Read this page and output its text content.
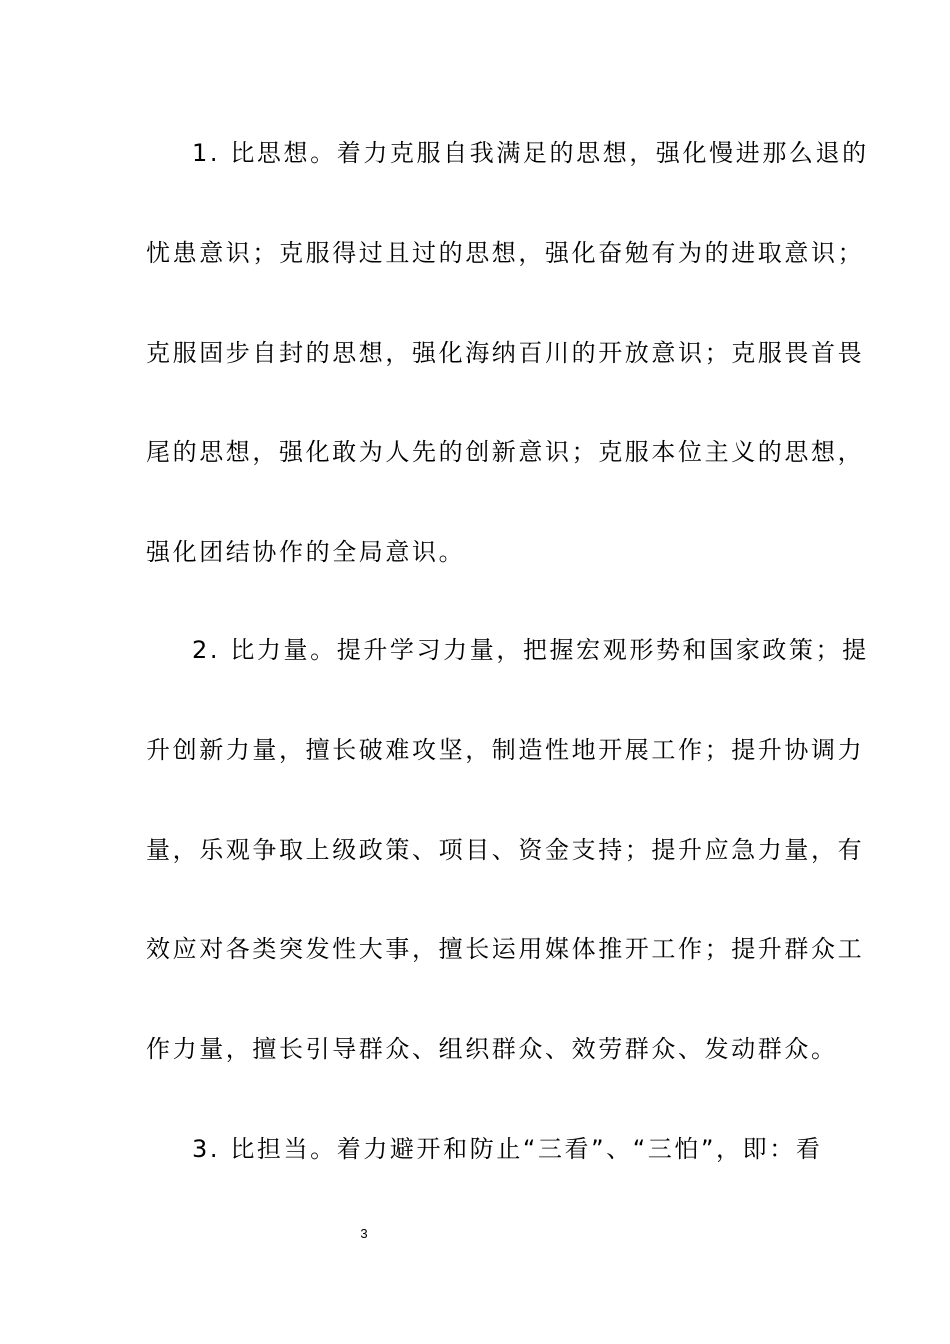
1. 比思想。着力克服自我满足的思想，强化慢进那么退的
忧患意识；克服得过且过的思想，强化奋勉有为的进取意识；
克服固步自封的思想，强化海纳百川的开放意识；克服畏首畏
尾的思想，强化敢为人先的创新意识；克服本位主义的思想，
强化团结协作的全局意识。
2. 比力量。提升学习力量，把握宏观形势和国家政策；提
升创新力量，擅长破难攻坚，制造性地开展工作；提升协调力
量，乐观争取上级政策、项目、资金支持；提升应急力量，有
效应对各类突发性大事，擅长运用媒体推开工作；提升群众工
作力量，擅长引导群众、组织群众、效劳群众、发动群众。
3. 比担当。着力避开和防止“三看”、“三怕”，即：看
3
